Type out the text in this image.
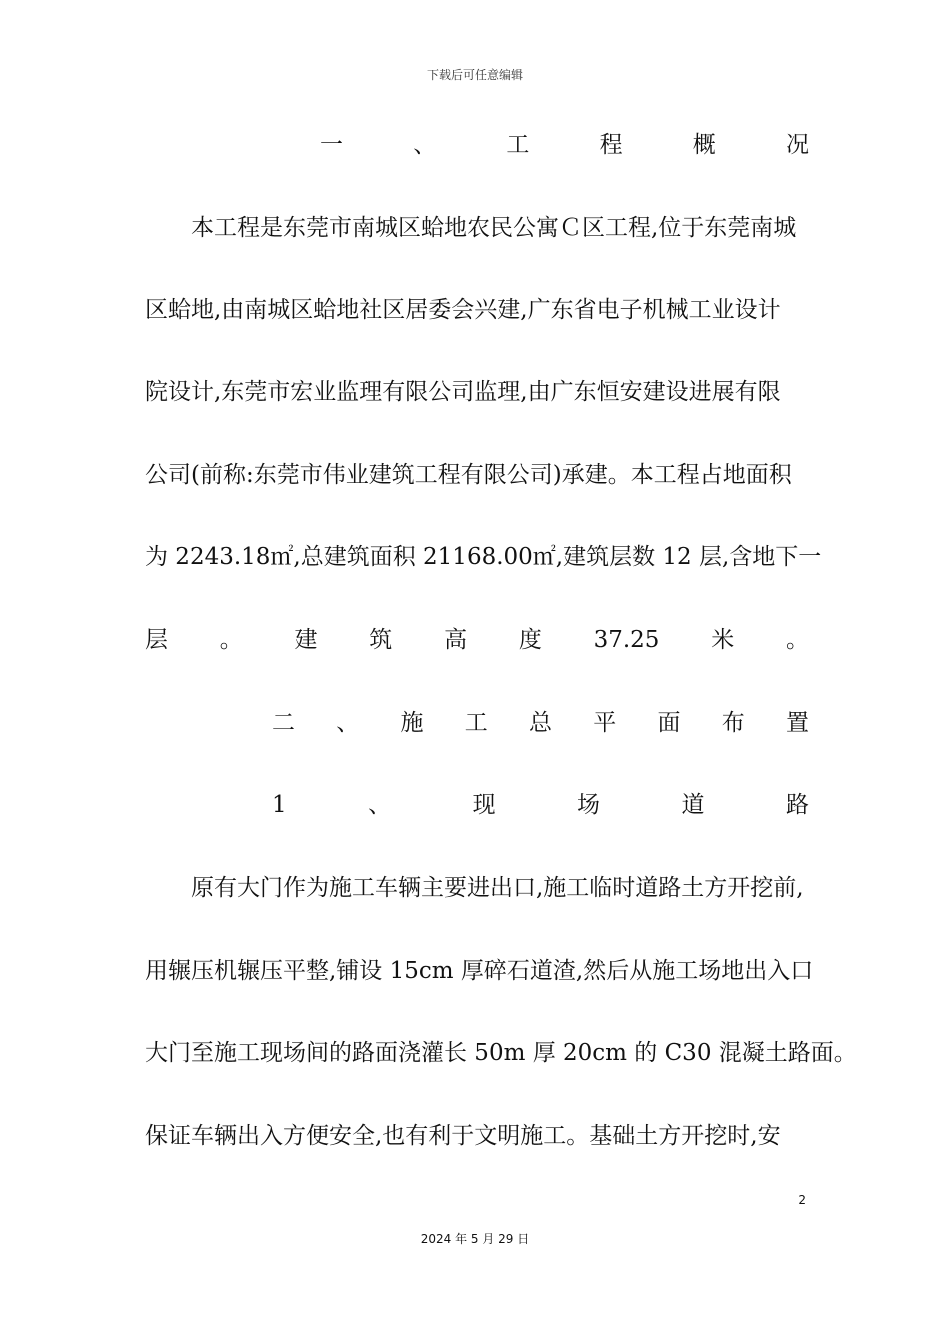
下载后可任意编辑
一	、	工	程	概	况
　　本工程是东莞市南城区蛤地农民公寓Ｃ区工程,位于东莞南城
区蛤地,由南城区蛤地社区居委会兴建,广东省电子机械工业设计
院设计,东莞市宏业监理有限公司监理,由广东恒安建设进展有限
公司(前称:东莞市伟业建筑工程有限公司)承建。本工程占地面积
为 2243.18㎡,总建筑面积 21168.00㎡,建筑层数 12 层,含地下一
层 。 建 筑 高 度 37.25 米 。
二 、 施 工 总 平 面 布 置
1	、	现	场	道	路
　　原有大门作为施工车辆主要进出口,施工临时道路土方开挖前,
用辗压机辗压平整,铺设 15cm 厚碎石道渣,然后从施工场地出入口
大门至施工现场间的路面浇灌长 50m 厚 20cm 的 C30 混凝土路面。
保证车辆出入方便安全,也有利于文明施工。基础土方开挖时,安
2
2024 年 5 月 29 日
